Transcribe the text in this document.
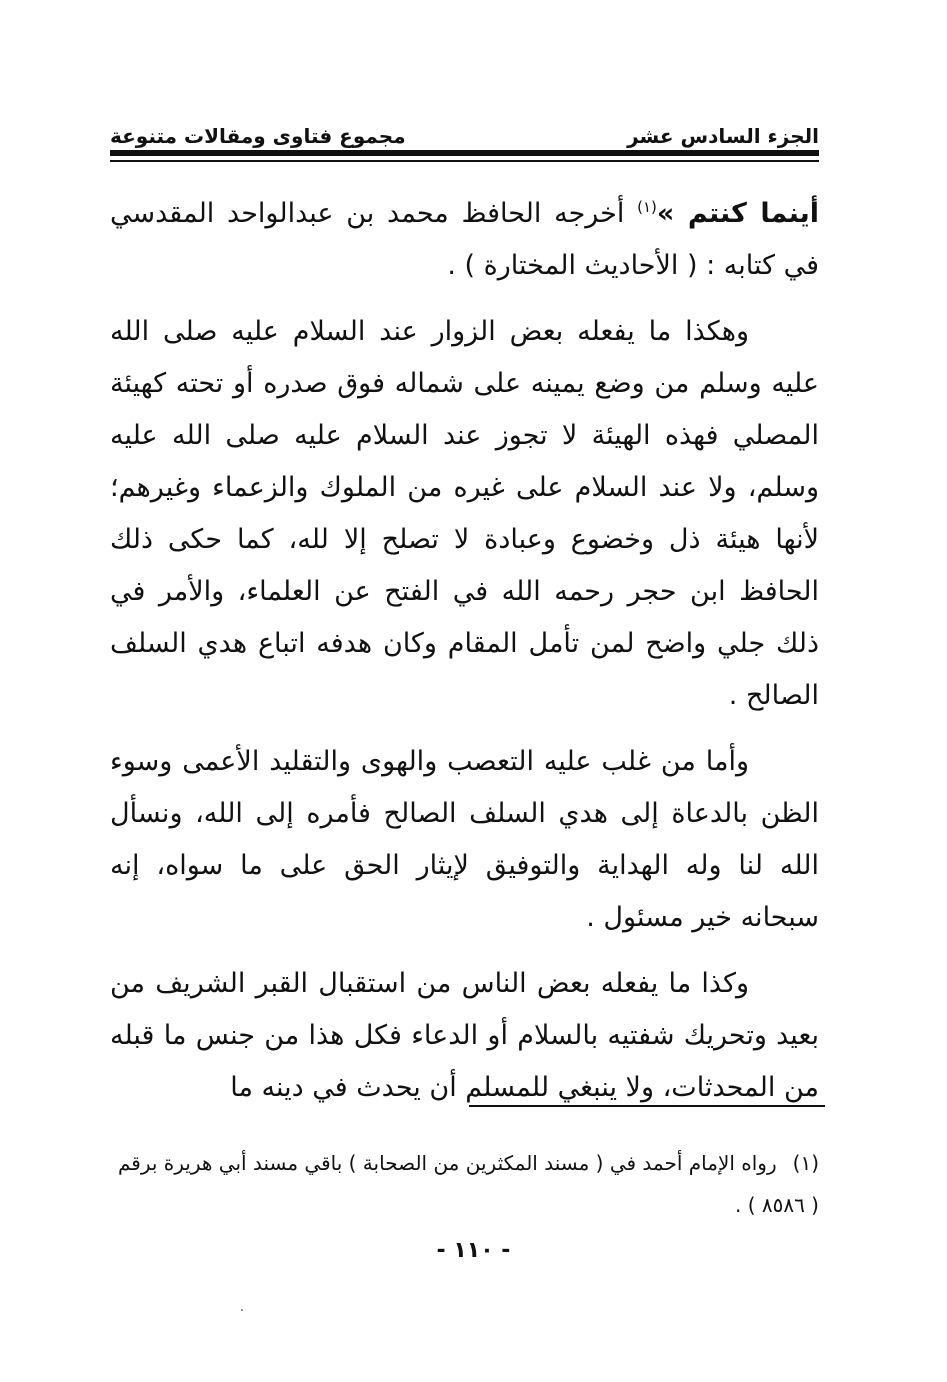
مجموع فتاوى ومقالات متنوعة	الجزء السادس عشر

أينما كنتم »$^{(١)}$ أخرجه الحافظ محمد بن عبدالواحد المقدسي في كتابه : ( الأحاديث المختارة ) .

وهكذا ما يفعله بعض الزوار عند السلام عليه صلى الله عليه وسلم من وضع يمينه على شماله فوق صدره أو تحته كهيئة المصلي فهذه الهيئة لا تجوز عند السلام عليه صلى الله عليه وسلم، ولا عند السلام على غيره من الملوك والزعماء وغيرهم؛ لأنها هيئة ذل وخضوع وعبادة لا تصلح إلا لله، كما حكى ذلك الحافظ ابن حجر رحمه الله في الفتح عن العلماء، والأمر في ذلك جلي واضح لمن تأمل المقام وكان هدفه اتباع هدي السلف الصالح .

وأما من غلب عليه التعصب والهوى والتقليد الأعمى وسوء الظن بالدعاة إلى هدي السلف الصالح فأمره إلى الله، ونسأل الله لنا وله الهداية والتوفيق لإيثار الحق على ما سواه، إنه سبحانه خير مسئول .

وكذا ما يفعله بعض الناس من استقبال القبر الشريف من بعيد وتحريك شفتيه بالسلام أو الدعاء فكل هذا من جنس ما قبله من المحدثات، ولا ينبغي للمسلم أن يحدث في دينه ما

(١)رواه الإمام أحمد في ( مسند المكثرين من الصحابة ) باقي مسند أبي هريرة برقم ( ٨٥٨٦ ) .
- ١١٠ -
